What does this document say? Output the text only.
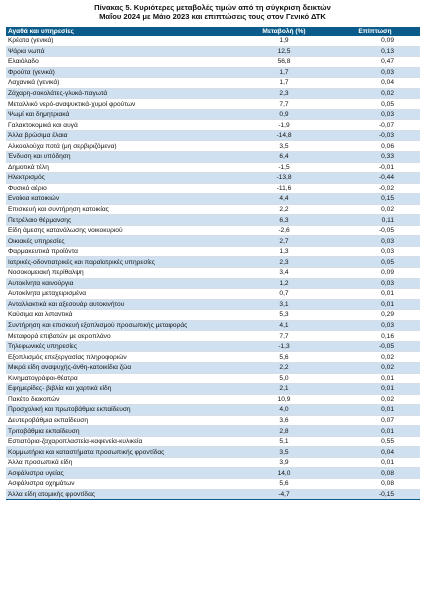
Πίνακας 5. Κυριότερες μεταβολές τιμών από τη σύγκριση δεικτών
Μαΐου 2024 με Μάιο 2023 και επιπτώσεις τους στον Γενικό ΔΤΚ
Αγαθά και υπηρεσίες	Μεταβολή (%)	Επίπτωση
Κρέατα (γενικά)	1,9	0,09
Ψάρια νωπά	12,5	0,13
Ελαιόλαδο	56,8	0,47
Φρούτα (γενικά)	1,7	0,03
Λαχανικά (γενικά)	1,7	0,04
Ζάχαρη-σοκολάτες-γλυκά-παγωτά	2,3	0,02
Μεταλλικό νερό-αναψυκτικά-χυμοί φρούτων	7,7	0,05
Ψωμί και δημητριακά	0,9	0,03
Γαλακτοκομικά και αυγά	-1,9	-0,07
Άλλα βρώσιμα έλαια	-14,8	-0,03
Αλκοολούχα ποτά (μη σερβιριζόμενα)	3,5	0,06
Ένδυση και υπόδηση	6,4	0,33
Δημοτικά τέλη	-1,5	-0,01
Ηλεκτρισμός	-13,8	-0,44
Φυσικό αέριο	-11,6	-0,02
Ενοίκια κατοικιών	4,4	0,15
Επισκευή και συντήρηση κατοικίας	2,2	0,02
Πετρέλαιο θέρμανσης	6,3	0,11
Είδη άμεσης κατανάλωσης νοικοκυριού	-2,6	-0,05
Οικιακές υπηρεσίες	2,7	0,03
Φαρμακευτικά προϊόντα	1,3	0,03
Ιατρικές-οδοντιατρικές και παραϊατρικές υπηρεσίες	2,3	0,05
Νοσοκομειακή περίθαλψη	3,4	0,09
Αυτοκίνητα καινούργια	1,2	0,03
Αυτοκίνητα μεταχειρισμένα	0,7	0,01
Ανταλλακτικά και αξεσουάρ αυτοκινήτου	3,1	0,01
Καύσιμα και λιπαντικά	5,3	0,29
Συντήρηση και επισκευή εξοπλισμού προσωπικής μεταφοράς	4,1	0,03
Μεταφορά επιβατών με αεροπλάνο	7,7	0,16
Τηλεφωνικές υπηρεσίες	-1,3	-0,05
Εξοπλισμός επεξεργασίας πληροφοριών	5,6	0,02
Μικρά είδη αναψυχής-άνθη-κατοικίδια ζώα	2,2	0,02
Κινηματογράφοι-θέατρα	5,0	0,01
Εφημερίδες- βιβλία και χαρτικά είδη	2,1	0,01
Πακέτο διακοπών	10,9	0,02
Προσχολική και πρωτοβάθμια εκπαίδευση	4,0	0,01
Δευτεροβάθμια εκπαίδευση	3,6	0,07
Τριτοβάθμια εκπαίδευση	2,8	0,01
Εστιατόρια-ζαχαροπλαστεία-καφενεία-κυλικεία	5,1	0,55
Κομμωτήρια και καταστήματα προσωπικής φροντίδας	3,5	0,04
Άλλα προσωπικά είδη	3,9	0,01
Ασφάλιστρα υγείας	14,0	0,08
Ασφάλιστρα οχημάτων	5,6	0,08
Άλλα είδη ατομικής φροντίδας	-4,7	-0,15
